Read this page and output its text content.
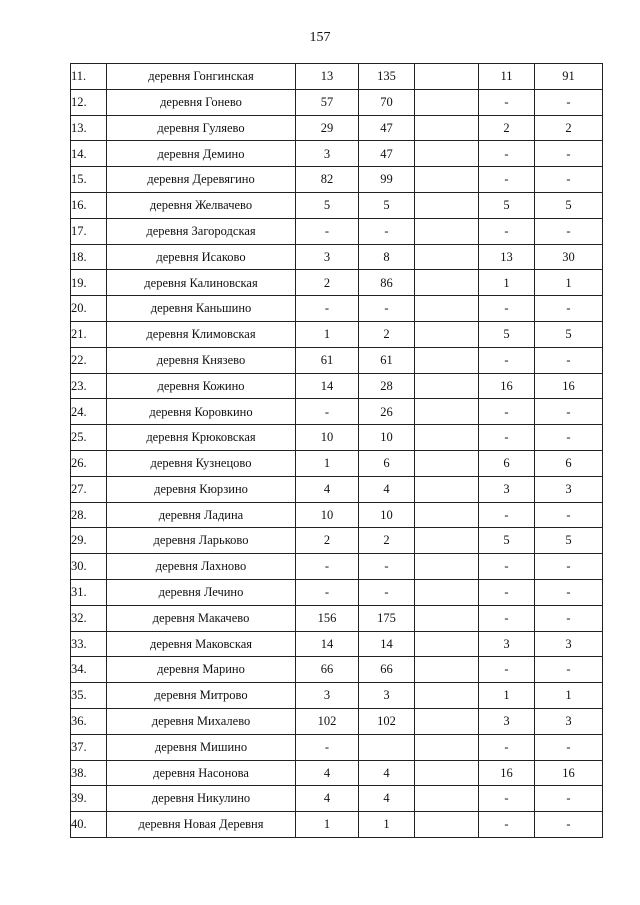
157
11.	деревня Гонгинская	13	135		11	91
12.	деревня Гонево	57	70		-	-
13.	деревня Гуляево	29	47		2	2
14.	деревня Демино	3	47		-	-
15.	деревня Деревягино	82	99		-	-
16.	деревня Желвачево	5	5		5	5
17.	деревня Загородская	-	-		-	-
18.	деревня Исаково	3	8		13	30
19.	деревня Калиновская	2	86		1	1
20.	деревня Каньшино	-	-		-	-
21.	деревня Климовская	1	2		5	5
22.	деревня Князево	61	61		-	-
23.	деревня Кожино	14	28		16	16
24.	деревня Коровкино	-	26		-	-
25.	деревня Крюковская	10	10		-	-
26.	деревня Кузнецово	1	6		6	6
27.	деревня Кюрзино	4	4		3	3
28.	деревня Ладина	10	10		-	-
29.	деревня Ларьково	2	2		5	5
30.	деревня Лахново	-	-		-	-
31.	деревня Лечино	-	-		-	-
32.	деревня Макачево	156	175		-	-
33.	деревня Маковская	14	14		3	3
34.	деревня Марино	66	66		-	-
35.	деревня Митрово	3	3		1	1
36.	деревня Михалево	102	102		3	3
37.	деревня Мишино	-			-	-
38.	деревня Насонова	4	4		16	16
39.	деревня Никулино	4	4		-	-
40.	деревня Новая Деревня	1	1		-	-
